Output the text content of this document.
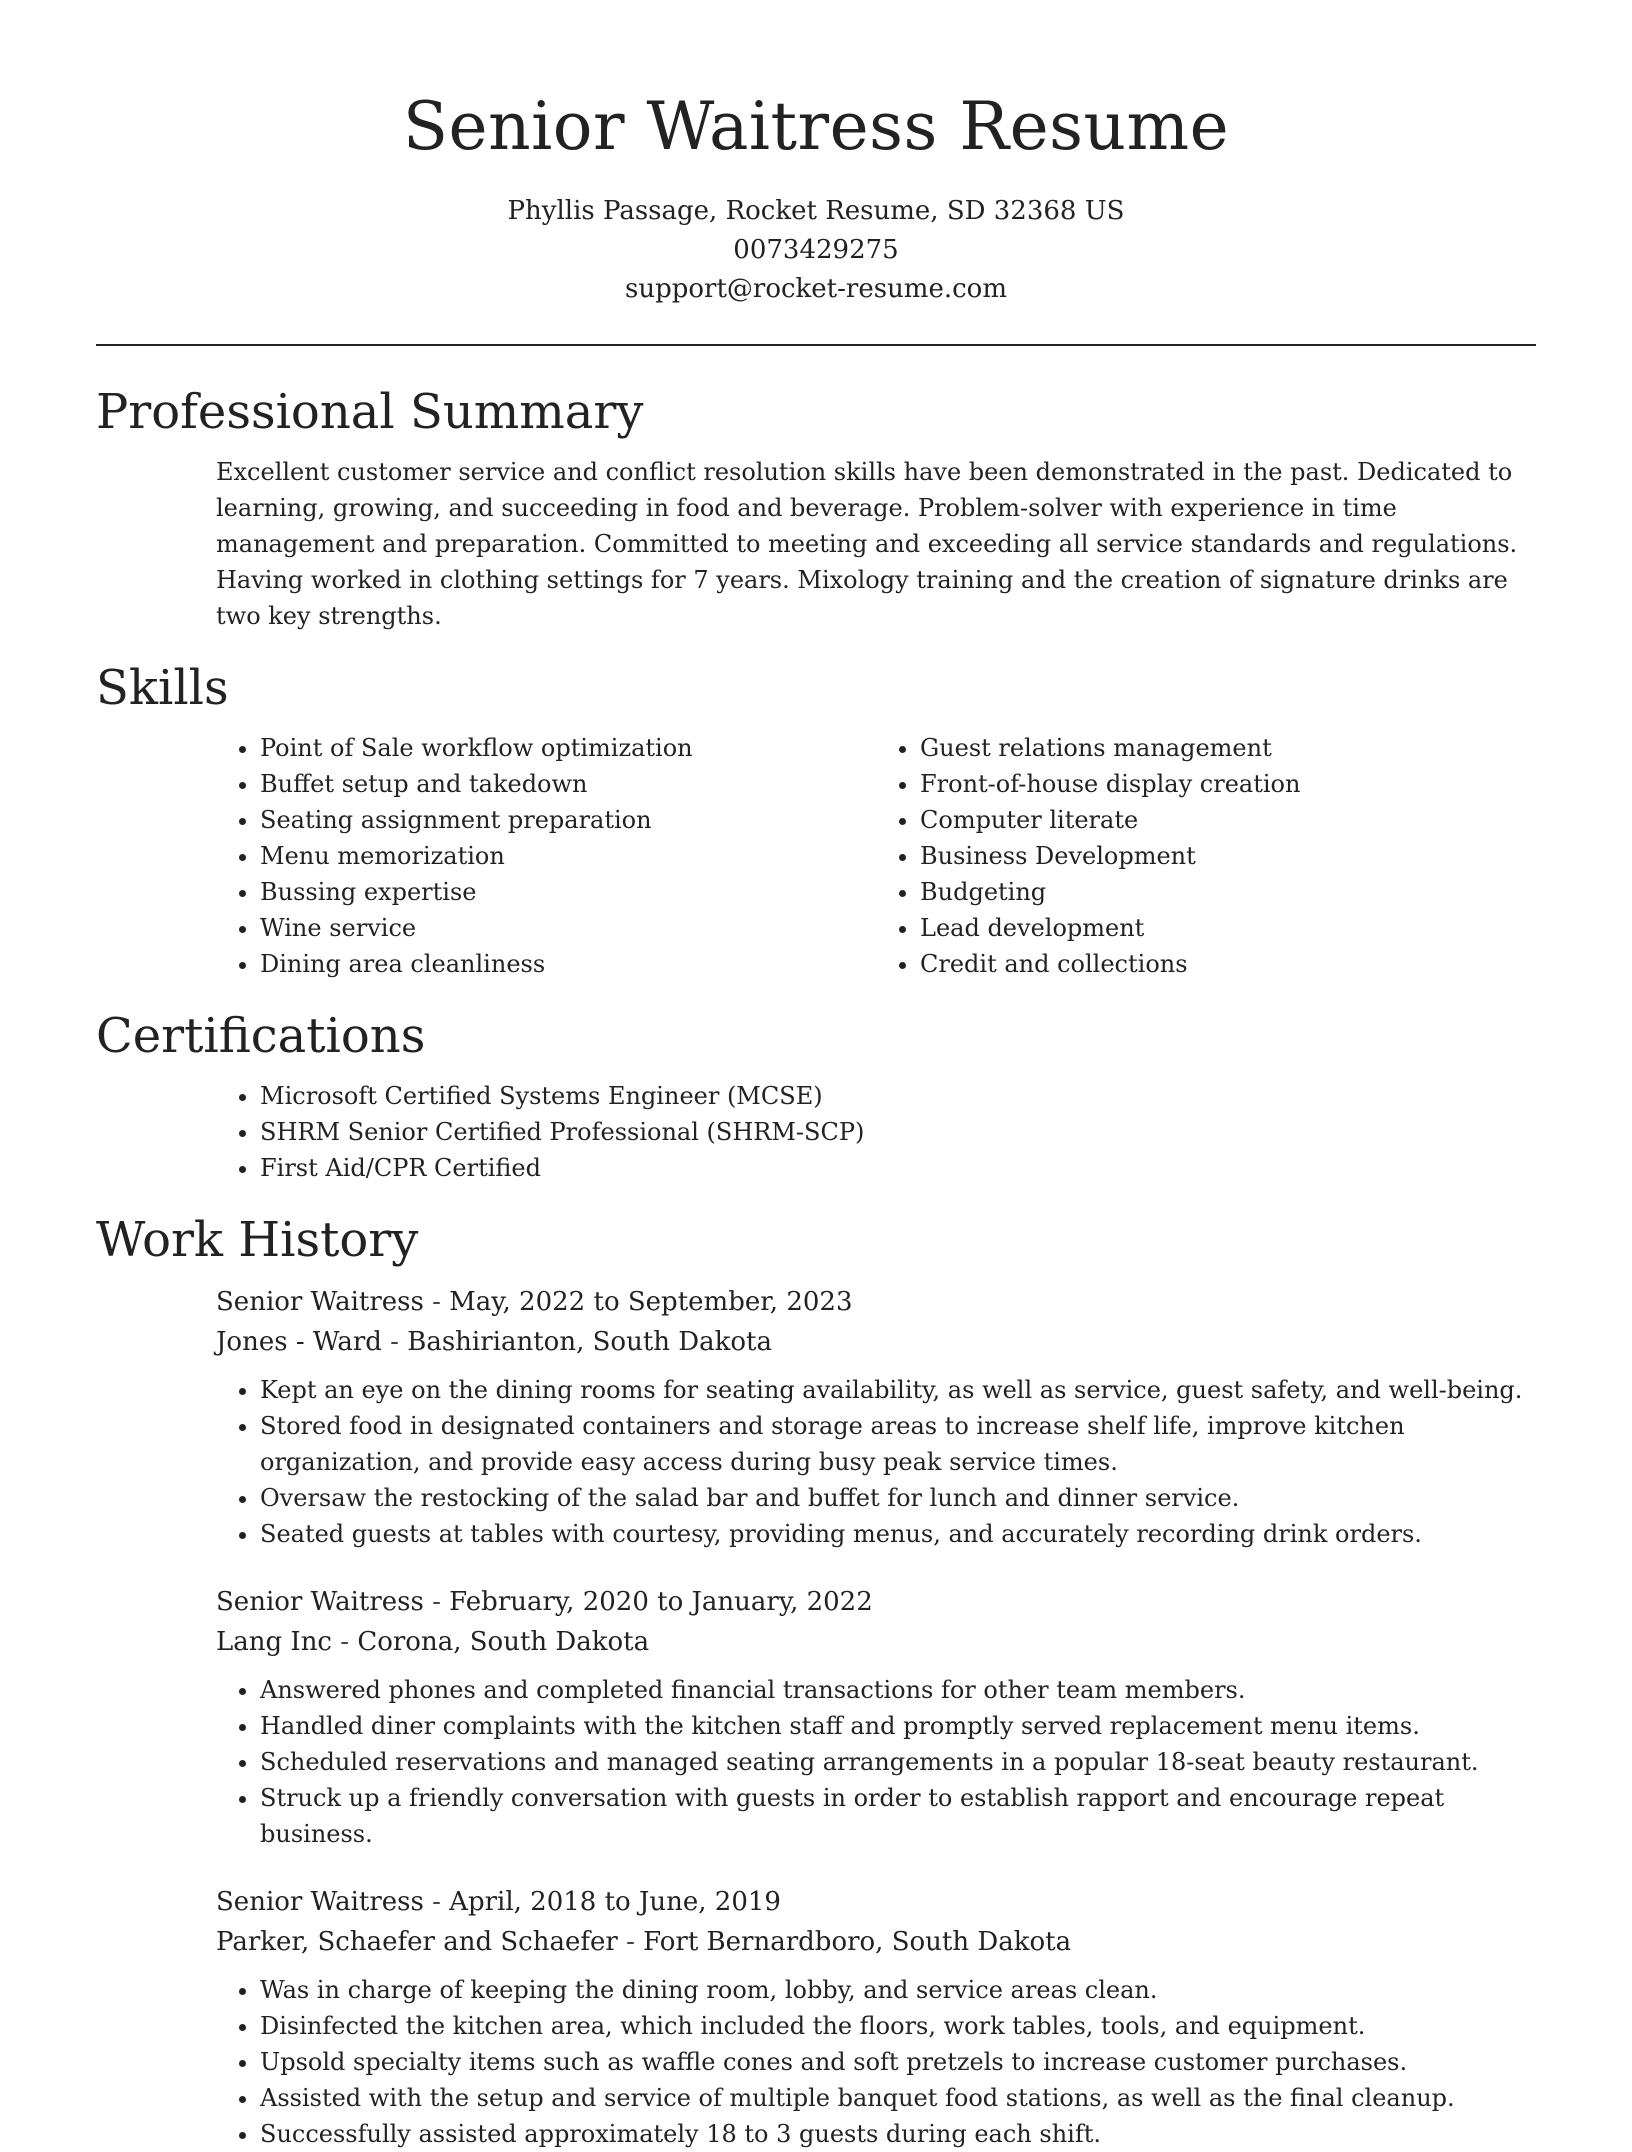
Senior Waitress Resume
Phyllis Passage, Rocket Resume, SD 32368 US
0073429275
support@rocket-resume.com
Professional Summary

Excellent customer service and conflict resolution skills have been demonstrated in the past. Dedicated to learning, growing, and succeeding in food and beverage. Problem-solver with experience in time management and preparation. Committed to meeting and exceeding all service standards and regulations. Having worked in clothing settings for 7 years. Mixology training and the creation of signature drinks are two key strengths.

Skills
• Point of Sale workflow optimization
• Buffet setup and takedown
• Seating assignment preparation
• Menu memorization
• Bussing expertise
• Wine service
• Dining area cleanliness
• Guest relations management
• Front-of-house display creation
• Computer literate
• Business Development
• Budgeting
• Lead development
• Credit and collections
Certifications
• Microsoft Certified Systems Engineer (MCSE)
• SHRM Senior Certified Professional (SHRM-SCP)
• First Aid/CPR Certified
Work History
Senior Waitress - May, 2022 to September, 2023
Jones - Ward - Bashirianton, South Dakota
• Kept an eye on the dining rooms for seating availability, as well as service, guest safety, and well-being.
• Stored food in designated containers and storage areas to increase shelf life, improve kitchen organization, and provide easy access during busy peak service times.
• Oversaw the restocking of the salad bar and buffet for lunch and dinner service.
• Seated guests at tables with courtesy, providing menus, and accurately recording drink orders.
Senior Waitress - February, 2020 to January, 2022
Lang Inc - Corona, South Dakota
• Answered phones and completed financial transactions for other team members.
• Handled diner complaints with the kitchen staff and promptly served replacement menu items.
• Scheduled reservations and managed seating arrangements in a popular 18-seat beauty restaurant.
• Struck up a friendly conversation with guests in order to establish rapport and encourage repeat business.
Senior Waitress - April, 2018 to June, 2019
Parker, Schaefer and Schaefer - Fort Bernardboro, South Dakota
• Was in charge of keeping the dining room, lobby, and service areas clean.
• Disinfected the kitchen area, which included the floors, work tables, tools, and equipment.
• Upsold specialty items such as waffle cones and soft pretzels to increase customer purchases.
• Assisted with the setup and service of multiple banquet food stations, as well as the final cleanup.
• Successfully assisted approximately 18 to 3 guests during each shift.
